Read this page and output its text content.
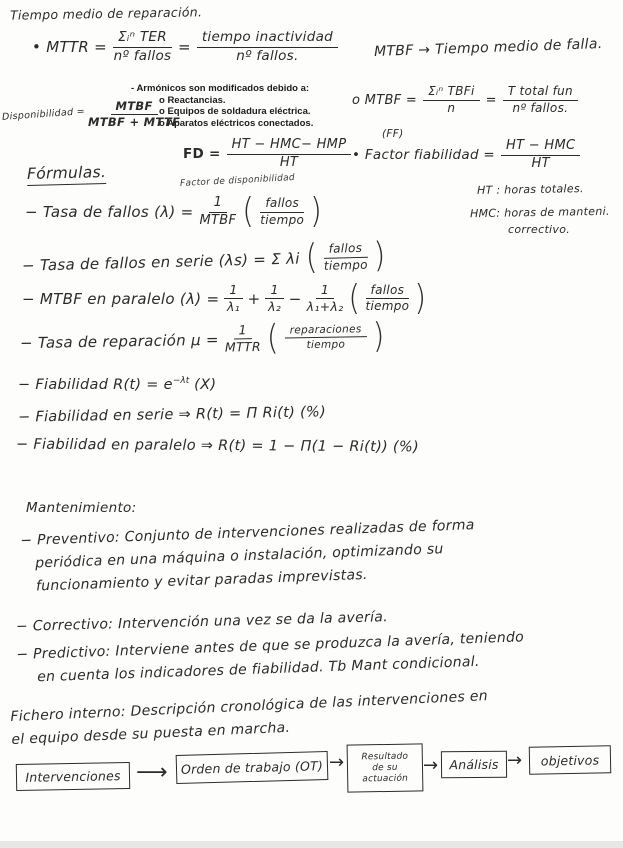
Tiempo medio de reparación.
• MTTR = $\frac{\text{Σᵢⁿ TER}}{\text{nº fallos}} = \frac{\text{tiempo inactividad}}{\text{nº fallos.}}$	MTBF → Tiempo medio de falla.
- Armónicos son modificados debido a:
o Reactancias.
o Equipos de soldadura eléctrica.
o Aparatos eléctricos conectados.
Disponibilidad = $\frac{\text{MTBF}}{\text{MTBF + MTTF}}$	o MTBF = $\frac{\text{Σᵢⁿ TBFi}}{n} = \frac{\text{T total fun}}{\text{nº fallos.}}$
(FF)
• Factor fiabilidad = $\frac{\text{HT − HMC}}{HT}$
FD = $\frac{\text{HT − HMC− HMP}}{HT}$
Factor de disponibilidad
Fórmulas.
HT : horas totales.
HMC: horas de manteni.
correctivo.
− Tasa de fallos $(\lambda) = \frac{1}{\text{MTBF}}$ ( $\frac{\text{fallos}}{\text{tiempo}}$ )
− Tasa de fallos en serie (λs) = Σ λi ( $\frac{\text{fallos}}{\text{tiempo}}$ )
− MTBF en paralelo $(\lambda) = \frac{1}{\text{λ₁}} + \frac{1}{\text{λ₂}} - \frac{1}{\text{λ₁+λ₂}}$ ( $\frac{\text{fallos}}{\text{tiempo}}$ )
− Tasa de reparación $\mu = \frac{1}{\text{MTTR}}$ ( $\frac{\text{reparaciones}}{\text{tiempo}}$ )
− Fiabilidad $R(t) = e^{-\lambda t}$ (X)
− Fiabilidad en serie ⇒ R(t) = Π Ri(t) (%)
− Fiabilidad en paralelo ⇒ R(t) = 1 − Π(1 − Ri(t)) (%)
Mantenimiento:
− Preventivo: Conjunto de intervenciones realizadas de forma
periódica en una máquina o instalación, optimizando su
funcionamiento y evitar paradas imprevistas.
− Correctivo: Intervención una vez se da la avería.
− Predictivo: Interviene antes de que se produzca la avería, teniendo
en cuenta los indicadores de fiabilidad. Tb Mant condicional.
Fichero interno: Descripción cronológica de las intervenciones en
el equipo desde su puesta en marcha.
Intervenciones ⟶	Orden de trabajo (OT) → Resultado
de su
actuación
→ Análisis →	objetivos
